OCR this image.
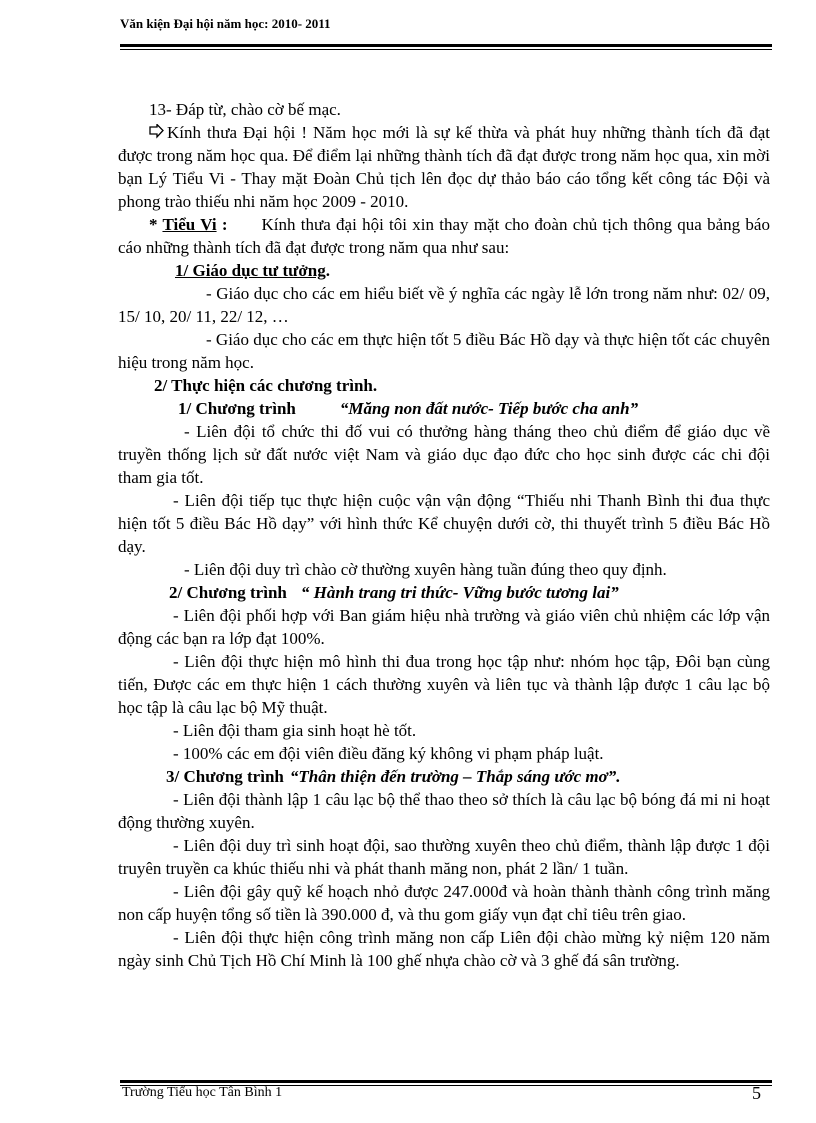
Văn kiện Đại hội năm học: 2010- 2011

13- Đáp từ, chào cờ bế mạc.

Kính thưa Đại hội ! Năm học mới là sự kế thừa và phát huy những thành tích đã đạt được trong năm học qua. Để điểm lại những thành tích đã đạt được trong năm học qua, xin mời bạn Lý Tiểu Vi - Thay mặt Đoàn Chủ tịch lên đọc dự thảo báo cáo tổng kết công tác Đội và phong trào thiếu nhi năm học 2009 - 2010.

* Tiểu Vi : Kính thưa đại hội tôi xin thay mặt cho đoàn chủ tịch thông qua bảng báo cáo những thành tích đã đạt được trong năm qua như sau:

1/ Giáo dục tư tưởng.

- Giáo dục cho các em hiểu biết về ý nghĩa các ngày lễ lớn trong năm như: 02/ 09, 15/ 10, 20/ 11, 22/ 12, …

- Giáo dục cho các em thực hiện tốt 5 điều Bác Hồ dạy và thực hiện tốt các chuyên hiệu trong năm học.

2/ Thực hiện các chương trình.

1/ Chương trình	“Măng non đất nước- Tiếp bước cha anh”

- Liên đội tổ chức thi đố vui có thưởng hàng tháng theo chủ điểm để giáo dục về truyền thống lịch sử đất nước việt Nam và giáo dục đạo đức cho học sinh được các chi đội tham gia tốt.

- Liên đội tiếp tục thực hiện cuộc vận vận động “Thiếu nhi Thanh Bình thi đua thực hiện tốt 5 điều Bác Hồ dạy” với hình thức Kể chuyện dưới cờ, thi thuyết trình 5 điều Bác Hồ dạy.

- Liên đội duy trì chào cờ thường xuyên hàng tuần đúng theo quy định.

2/ Chương trình “ Hành trang tri thức- Vững bước tương lai”

- Liên đội phối hợp với Ban giám hiệu nhà trường và giáo viên chủ nhiệm các lớp vận động các bạn ra lớp đạt 100%.

- Liên đội thực hiện mô hình thi đua trong học tập như: nhóm học tập, Đôi bạn cùng tiến, Được các em thực hiện 1 cách thường xuyên và liên tục và thành lập được 1 câu lạc bộ học tập là câu lạc bộ Mỹ thuật.

- Liên đội tham gia sinh hoạt hè tốt.

- 100% các em đội viên điều đăng ký không vi phạm pháp luật.

3/ Chương trình “Thân thiện đến trường – Thắp sáng ước mơ”.

- Liên đội thành lập 1 câu lạc bộ thể thao theo sở thích là câu lạc bộ bóng đá mi ni hoạt động thường xuyên.

- Liên đội duy trì sinh hoạt đội, sao thường xuyên theo chủ điểm, thành lập được 1 đội truyên truyền ca khúc thiếu nhi và phát thanh măng non, phát 2 lần/ 1 tuần.

- Liên đội gây quỹ kế hoạch nhỏ được 247.000đ và hoàn thành thành công trình măng non cấp huyện tổng số tiền là 390.000 đ, và thu gom giấy vụn đạt chỉ tiêu trên giao.

- Liên đội thực hiện công trình măng non cấp Liên đội chào mừng kỷ niệm 120 năm ngày sinh Chủ Tịch Hồ Chí Minh là 100 ghế nhựa chào cờ và 3 ghế đá sân trường.

Trường Tiểu học Tân Bình 1	5
